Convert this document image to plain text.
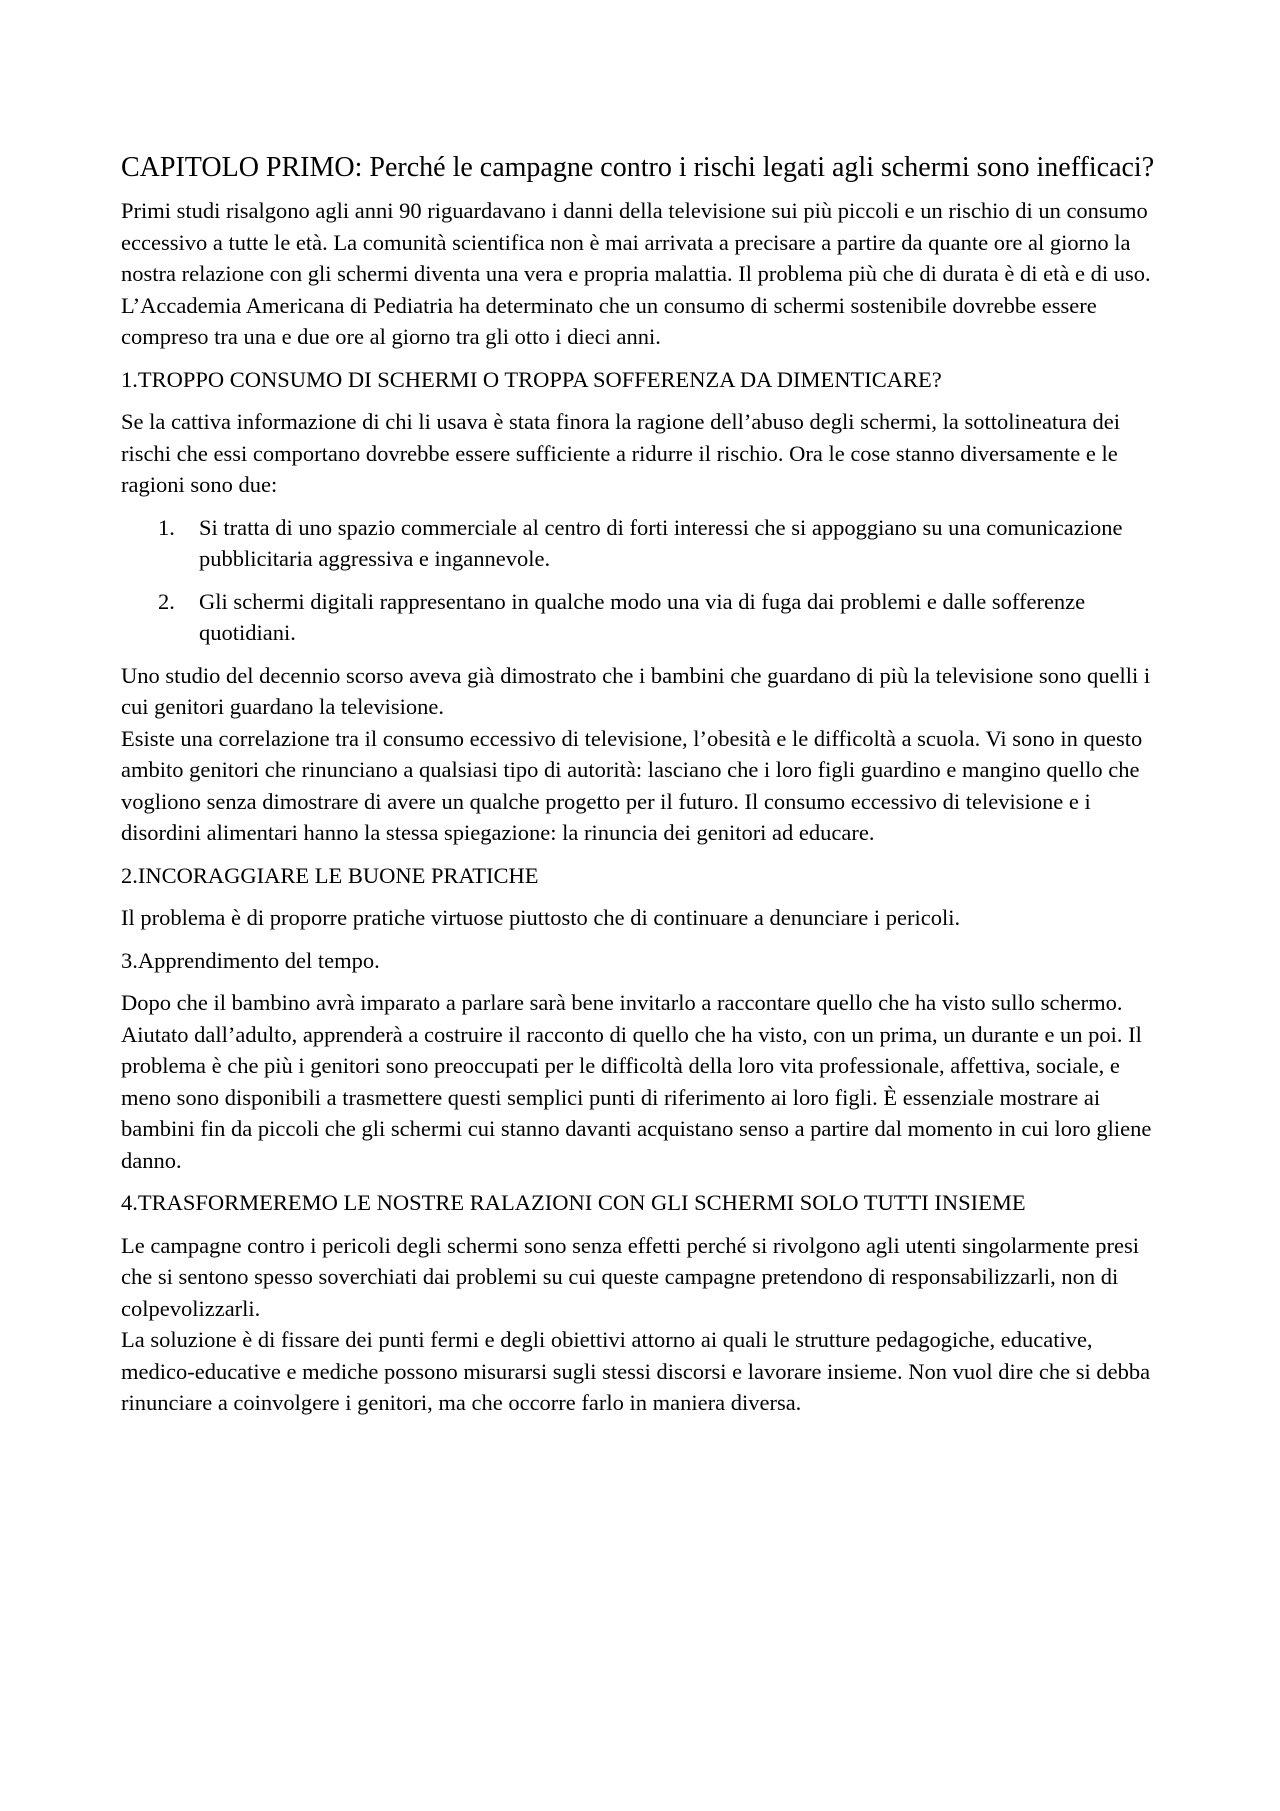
CAPITOLO PRIMO: Perché le campagne contro i rischi legati agli schermi sono inefficaci?

Primi studi risalgono agli anni 90 riguardavano i danni della televisione sui più piccoli e un rischio di un consumo eccessivo a tutte le età. La comunità scientifica non è mai arrivata a precisare a partire da quante ore al giorno la nostra relazione con gli schermi diventa una vera e propria malattia. Il problema più che di durata è di età e di uso. L’Accademia Americana di Pediatria ha determinato che un consumo di schermi sostenibile dovrebbe essere compreso tra una e due ore al giorno tra gli otto i dieci anni.

1.TROPPO CONSUMO DI SCHERMI O TROPPA SOFFERENZA DA DIMENTICARE?

Se la cattiva informazione di chi li usava è stata finora la ragione dell’abuso degli schermi, la sottolineatura dei rischi che essi comportano dovrebbe essere sufficiente a ridurre il rischio. Ora le cose stanno diversamente e le ragioni sono due:

1. Si tratta di uno spazio commerciale al centro di forti interessi che si appoggiano su una comunicazione pubblicitaria aggressiva e ingannevole.
2. Gli schermi digitali rappresentano in qualche modo una via di fuga dai problemi e dalle sofferenze quotidiani.

Uno studio del decennio scorso aveva già dimostrato che i bambini che guardano di più la televisione sono quelli i cui genitori guardano la televisione.
Esiste una correlazione tra il consumo eccessivo di televisione, l’obesità e le difficoltà a scuola. Vi sono in questo ambito genitori che rinunciano a qualsiasi tipo di autorità: lasciano che i loro figli guardino e mangino quello che vogliono senza dimostrare di avere un qualche progetto per il futuro. Il consumo eccessivo di televisione e i disordini alimentari hanno la stessa spiegazione: la rinuncia dei genitori ad educare.

2.INCORAGGIARE LE BUONE PRATICHE

Il problema è di proporre pratiche virtuose piuttosto che di continuare a denunciare i pericoli.

3.Apprendimento del tempo.

Dopo che il bambino avrà imparato a parlare sarà bene invitarlo a raccontare quello che ha visto sullo schermo. Aiutato dall’adulto, apprenderà a costruire il racconto di quello che ha visto, con un prima, un durante e un poi. Il problema è che più i genitori sono preoccupati per le difficoltà della loro vita professionale, affettiva, sociale, e meno sono disponibili a trasmettere questi semplici punti di riferimento ai loro figli. È essenziale mostrare ai bambini fin da piccoli che gli schermi cui stanno davanti acquistano senso a partire dal momento in cui loro gliene danno.

4.TRASFORMEREMO LE NOSTRE RALAZIONI CON GLI SCHERMI SOLO TUTTI INSIEME

Le campagne contro i pericoli degli schermi sono senza effetti perché si rivolgono agli utenti singolarmente presi che si sentono spesso soverchiati dai problemi su cui queste campagne pretendono di responsabilizzarli, non di colpevolizzarli.
La soluzione è di fissare dei punti fermi e degli obiettivi attorno ai quali le strutture pedagogiche, educative, medico-educative e mediche possono misurarsi sugli stessi discorsi e lavorare insieme. Non vuol dire che si debba rinunciare a coinvolgere i genitori, ma che occorre farlo in maniera diversa.
